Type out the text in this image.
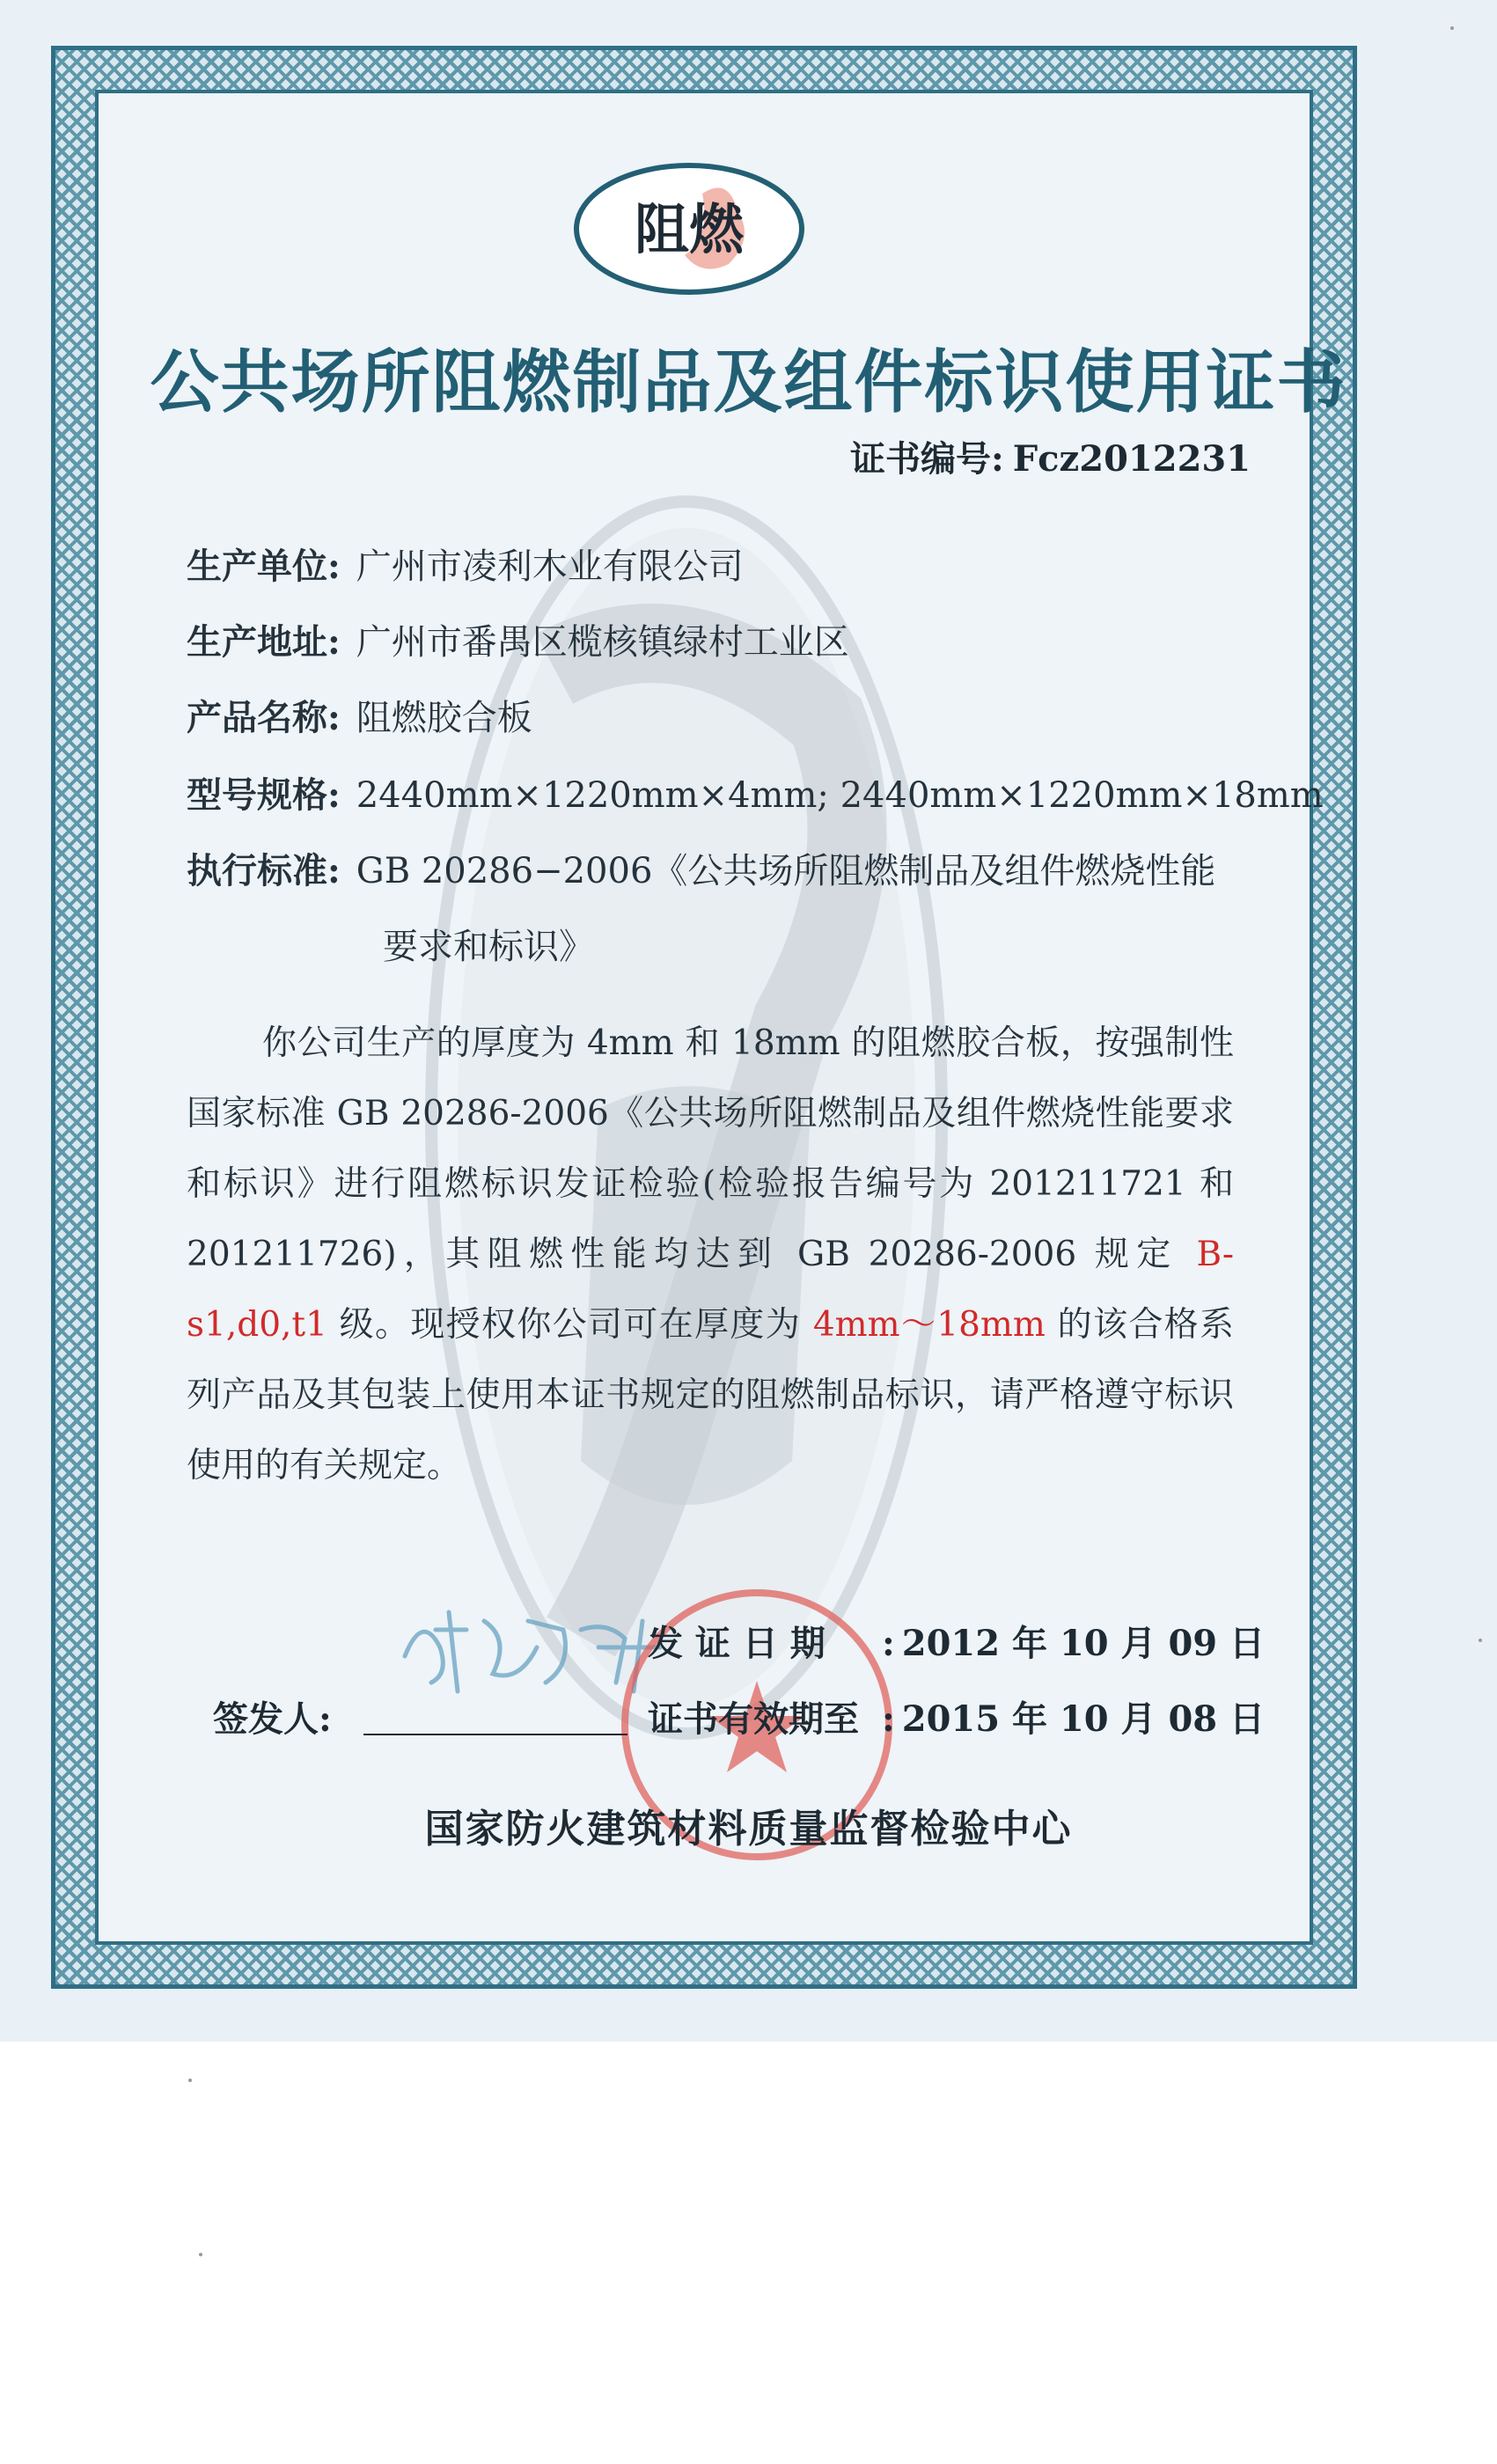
阻燃
公共场所阻燃制品及组件标识使用证书
证书编号: Fcz2012231
生产单位: 广州市凌利木业有限公司
生产地址: 广州市番禺区榄核镇绿村工业区
产品名称: 阻燃胶合板
型号规格: 2440mm×1220mm×4mm; 2440mm×1220mm×18mm
执行标准: GB 20286−2006《公共场所阻燃制品及组件燃烧性能
要求和标识》
你公司生产的厚度为 4mm 和 18mm 的阻燃胶合板，按强制性国家标准 GB 20286-2006《公共场所阻燃制品及组件燃烧性能要求和标识》进行阻燃标识发证检验(检验报告编号为 201211721 和 201211726)，其阻燃性能均达到 GB 20286-2006 规定 B-s1,d0,t1 级。现授权你公司可在厚度为 4mm～18mm 的该合格系列产品及其包装上使用本证书规定的阻燃制品标识，请严格遵守标识使用的有关规定。
发 证 日 期 : 2012 年 10 月 09 日
证书有效期至 : 2015 年 10 月 08 日
签发人:
国家防火建筑材料质量监督检验中心
